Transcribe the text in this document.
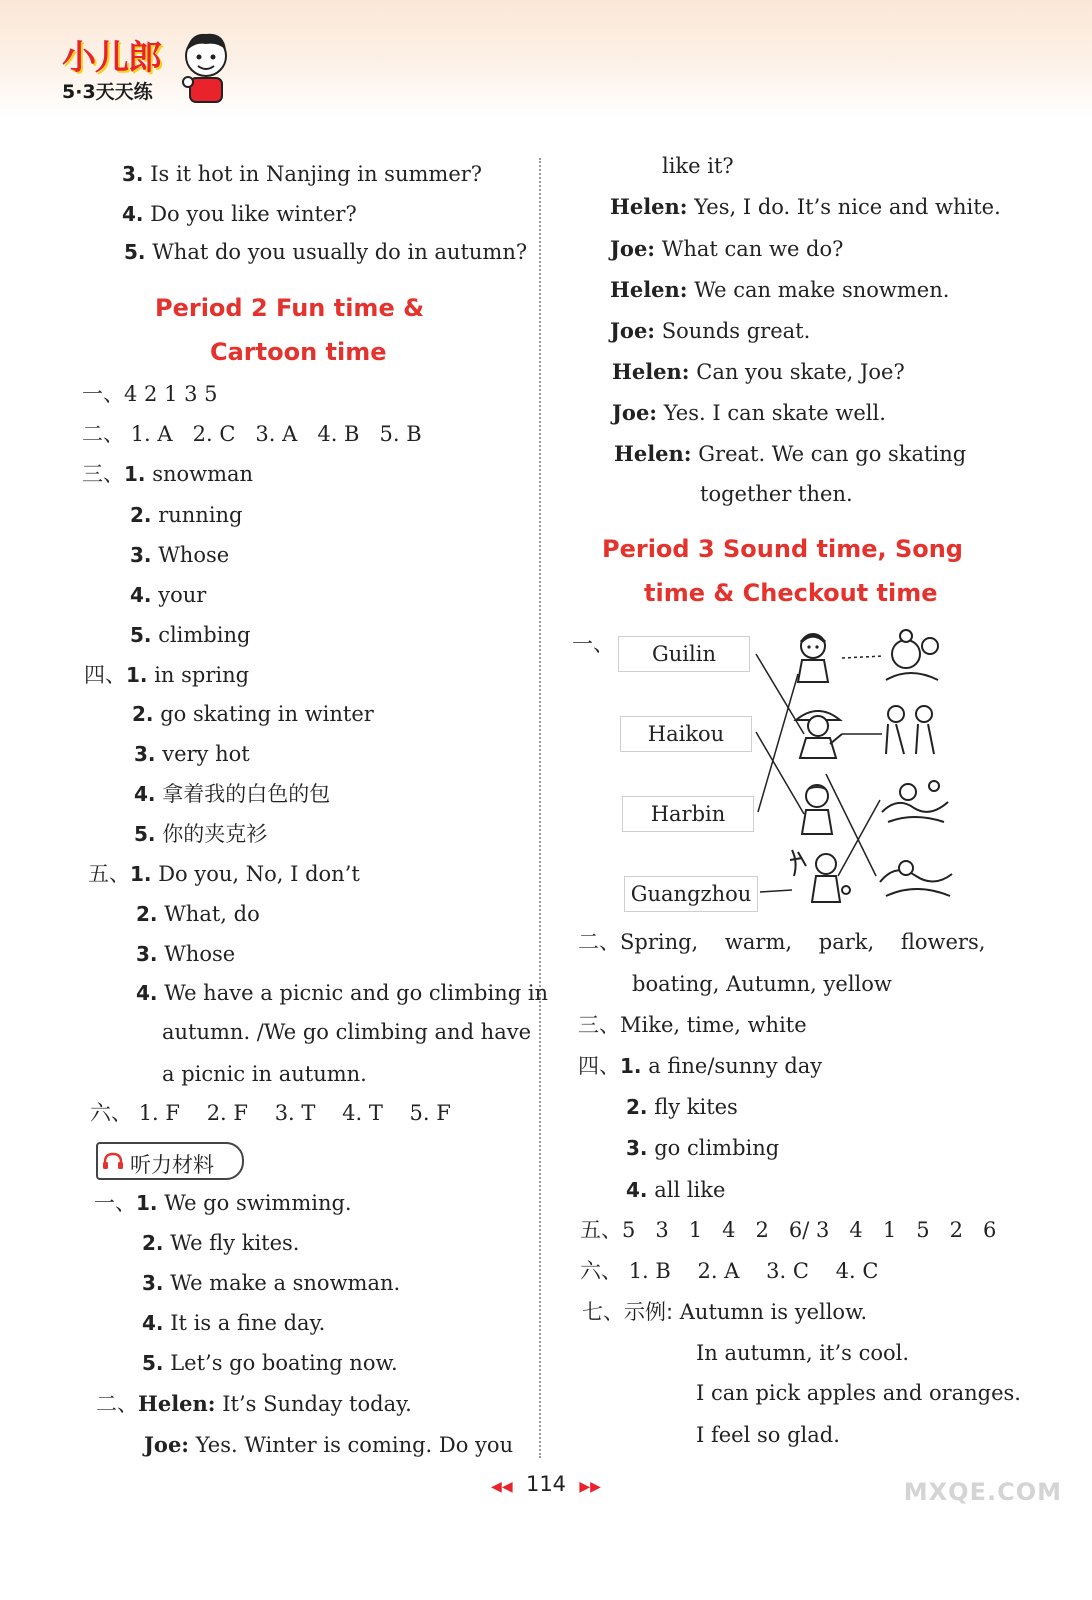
小儿郎
5·3天天练
3. Is it hot in Nanjing in summer?
4. Do you like winter?
5. What do you usually do in autumn?
Period 2 Fun time &
Cartoon time
一、4 2 1 3 5
二、 1. A 2. C 3. A 4. B 5. B
三、1. snowman
2. running
3. Whose
4. your
5. climbing
四、1. in spring
2. go skating in winter
3. very hot
4. 拿着我的白色的包
5. 你的夹克衫
五、1. Do you, No, I don’t
2. What, do
3. Whose
4. We have a picnic and go climbing in
autumn. /We go climbing and have
a picnic in autumn.
六、 1. F 2. F 3. T 4. T 5. F
听力材料
一、1. We go swimming.
2. We fly kites.
3. We make a snowman.
4. It is a fine day.
5. Let’s go boating now.
二、Helen: It’s Sunday today.
Joe: Yes. Winter is coming. Do you
like it?
Helen: Yes, I do. It’s nice and white.
Joe: What can we do?
Helen: We can make snowmen.
Joe: Sounds great.
Helen: Can you skate, Joe?
Joe: Yes. I can skate well.
Helen: Great. We can go skating
together then.
Period 3 Sound time, Song
time & Checkout time
一、	Guilin
Haikou
Harbin
Guangzhou
二、Spring,    warm,    park,    flowers,
boating, Autumn, yellow
三、Mike, time, white
四、1. a fine/sunny day
2. fly kites
3. go climbing
4. all like
五、5   3   1   4   2   6/ 3   4   1   5   2   6
六、 1. B 2. A 3. C 4. C
七、示例: Autumn is yellow.
In autumn, it’s cool.
I can pick apples and oranges.
I feel so glad.
◀◀ 114 ▶▶	MXQE.COM
